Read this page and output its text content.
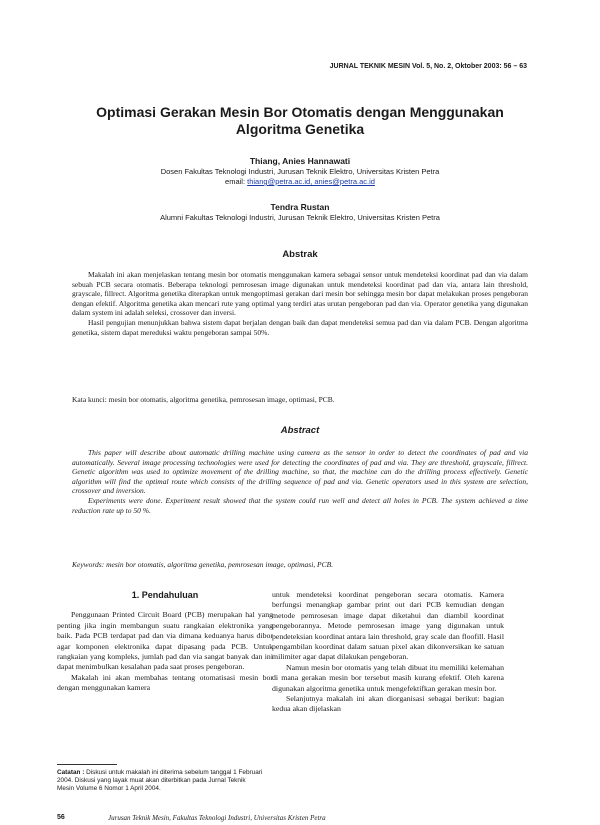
JURNAL TEKNIK MESIN Vol. 5, No. 2, Oktober 2003: 56 – 63
Optimasi Gerakan Mesin Bor Otomatis dengan Menggunakan
Algoritma Genetika
Thiang, Anies Hannawati
Dosen Fakultas Teknologi Industri, Jurusan Teknik Elektro, Universitas Kristen Petra
email: thiang@petra.ac.id, anies@petra.ac.id
Tendra Rustan
Alumni Fakultas Teknologi Industri, Jurusan Teknik Elektro, Universitas Kristen Petra
Abstrak

Makalah ini akan menjelaskan tentang mesin bor otomatis menggunakan kamera sebagai sensor untuk mendeteksi koordinat pad dan via dalam sebuah PCB secara otomatis. Beberapa teknologi pemrosesan image digunakan untuk mendeteksi koordinat pad dan via, antara lain threshold, grayscale, fillrect. Algoritma genetika diterapkan untuk mengoptimasi gerakan dari mesin bor sehingga mesin bor dapat melakukan proses pengeboran dengan efektif. Algoritma genetika akan mencari rute yang optimal yang terdiri atas urutan pengeboran pad dan via. Operator genetika yang digunakan dalam system ini adalah seleksi, crossover dan inversi.

Hasil pengujian menunjukkan bahwa sistem dapat berjalan dengan baik dan dapat mendeteksi semua pad dan via dalam PCB. Dengan algoritma genetika, sistem dapat mereduksi waktu pengeboran sampai 50%.

Kata kunci: mesin bor otomatis, algoritma genetika, pemrosesan image, optimasi, PCB.
Abstract

This paper will describe about automatic drilling machine using camera as the sensor in order to detect the coordinates of pad and via automatically. Several image processing technologies were used for detecting the coordinates of pad and via. They are threshold, grayscale, fillrect. Genetic algorithm was used to optimize movement of the drilling machine, so that, the machine can do the drilling process effectively. Genetic algorithm will find the optimal route which consists of the drilling sequence of pad and via. Genetic operators used in this system are selection, crossover and inversion.

Experiments were done. Experiment result showed that the system could run well and detect all holes in PCB. The system achieved a time reduction rate up to 50 %.

Keywords: mesin bor otomatis, algoritma genetika, pemrosesan image, optimasi, PCB.
1. Pendahuluan

Penggunaan Printed Circuit Board (PCB) merupakan hal yang penting jika ingin membangun suatu rangkaian elektronika yang baik. Pada PCB terdapat pad dan via dimana keduanya harus dibor agar komponen elektronika dapat dipasang pada PCB. Untuk rangkaian yang kompleks, jumlah pad dan via sangat banyak dan ini dapat menimbulkan kesalahan pada saat proses pengeboran.

Makalah ini akan membahas tentang otomatisasi mesin bor dengan menggunakan kamera

untuk mendeteksi koordinat pengeboran secara otomatis. Kamera berfungsi menangkap gambar print out dari PCB kemudian dengan metode pemrosesan image dapat diketahui dan diambil koordinat pengeborannya. Metode pemrosesan image yang digunakan untuk pendeteksian koordinat antara lain threshold, gray scale dan floofill. Hasil pengambilan koordinat dalam satuan pixel akan dikonversikan ke satuan milimiter agar dapat dilakukan pengeboran.

Namun mesin bor otomatis yang telah dibuat itu memiliki kelemahan di mana gerakan mesin bor tersebut masih kurang efektif. Oleh karena digunakan algoritma genetika untuk mengefektifkan gerakan mesin bor.

Selanjutnya makalah ini akan diorganisasi sebagai berikut: bagian kedua akan dijelaskan

Catatan : Diskusi untuk makalah ini diterima sebelum tanggal 1 Februari 2004. Diskusi yang layak muat akan diterbitkan pada Jurnal Teknik Mesin Volume 6 Nomor 1 April 2004.
56	Jurusan Teknik Mesin, Fakultas Teknologi Industri, Universitas Kristen Petra
